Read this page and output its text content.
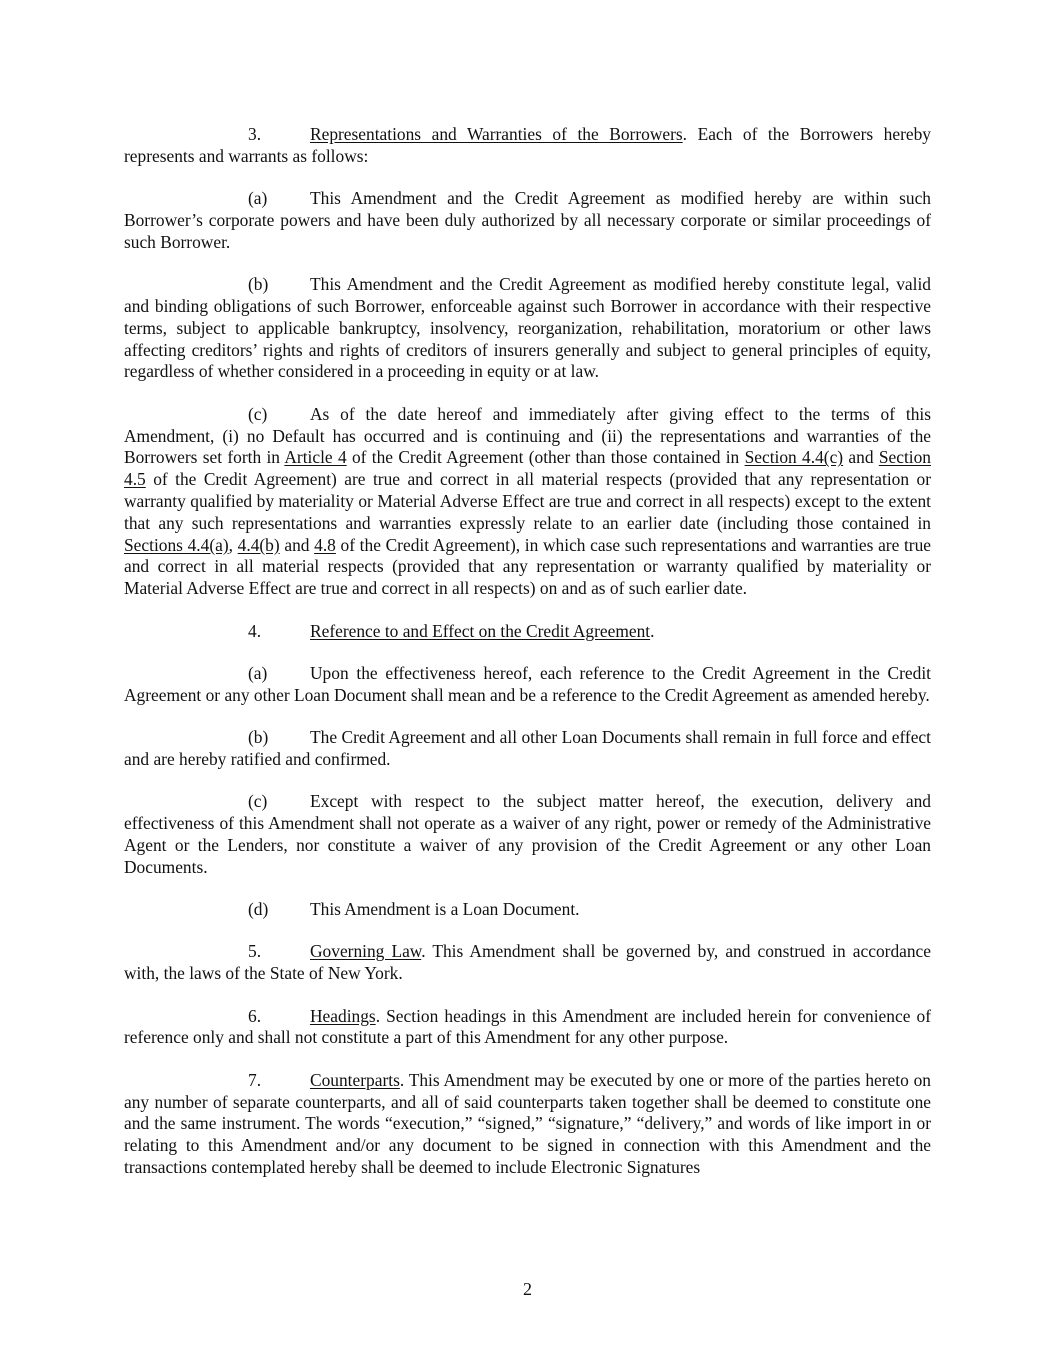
3.	Representations and Warranties of the Borrowers. Each of the Borrowers hereby represents and warrants as follows:

(a) This Amendment and the Credit Agreement as modified hereby are within such Borrower’s corporate powers and have been duly authorized by all necessary corporate or similar proceedings of such Borrower.

(b) This Amendment and the Credit Agreement as modified hereby constitute legal, valid and binding obligations of such Borrower, enforceable against such Borrower in accordance with their respective terms, subject to applicable bankruptcy, insolvency, reorganization, rehabilitation, moratorium or other laws affecting creditors’ rights and rights of creditors of insurers generally and subject to general principles of equity, regardless of whether considered in a proceeding in equity or at law.

(c) As of the date hereof and immediately after giving effect to the terms of this Amendment, (i) no Default has occurred and is continuing and (ii) the representations and warranties of the Borrowers set forth in Article 4 of the Credit Agreement (other than those contained in Section 4.4(c) and Section 4.5 of the Credit Agreement) are true and correct in all material respects (provided that any representation or warranty qualified by materiality or Material Adverse Effect are true and correct in all respects) except to the extent that any such representations and warranties expressly relate to an earlier date (including those contained in Sections 4.4(a), 4.4(b) and 4.8 of the Credit Agreement), in which case such representations and warranties are true and correct in all material respects (provided that any representation or warranty qualified by materiality or Material Adverse Effect are true and correct in all respects) on and as of such earlier date.

4.	Reference to and Effect on the Credit Agreement.

(a) Upon the effectiveness hereof, each reference to the Credit Agreement in the Credit Agreement or any other Loan Document shall mean and be a reference to the Credit Agreement as amended hereby.

(b) The Credit Agreement and all other Loan Documents shall remain in full force and effect and are hereby ratified and confirmed.

(c) Except with respect to the subject matter hereof, the execution, delivery and effectiveness of this Amendment shall not operate as a waiver of any right, power or remedy of the Administrative Agent or the Lenders, nor constitute a waiver of any provision of the Credit Agreement or any other Loan Documents.

(d) This Amendment is a Loan Document.

5.	Governing Law. This Amendment shall be governed by, and construed in accordance with, the laws of the State of New York.

6.	Headings. Section headings in this Amendment are included herein for convenience of reference only and shall not constitute a part of this Amendment for any other purpose.

7.	Counterparts. This Amendment may be executed by one or more of the parties hereto on any number of separate counterparts, and all of said counterparts taken together shall be deemed to constitute one and the same instrument. The words “execution,” “signed,” “signature,” “delivery,” and words of like import in or relating to this Amendment and/or any document to be signed in connection with this Amendment and the transactions contemplated hereby shall be deemed to include Electronic Signatures

2
